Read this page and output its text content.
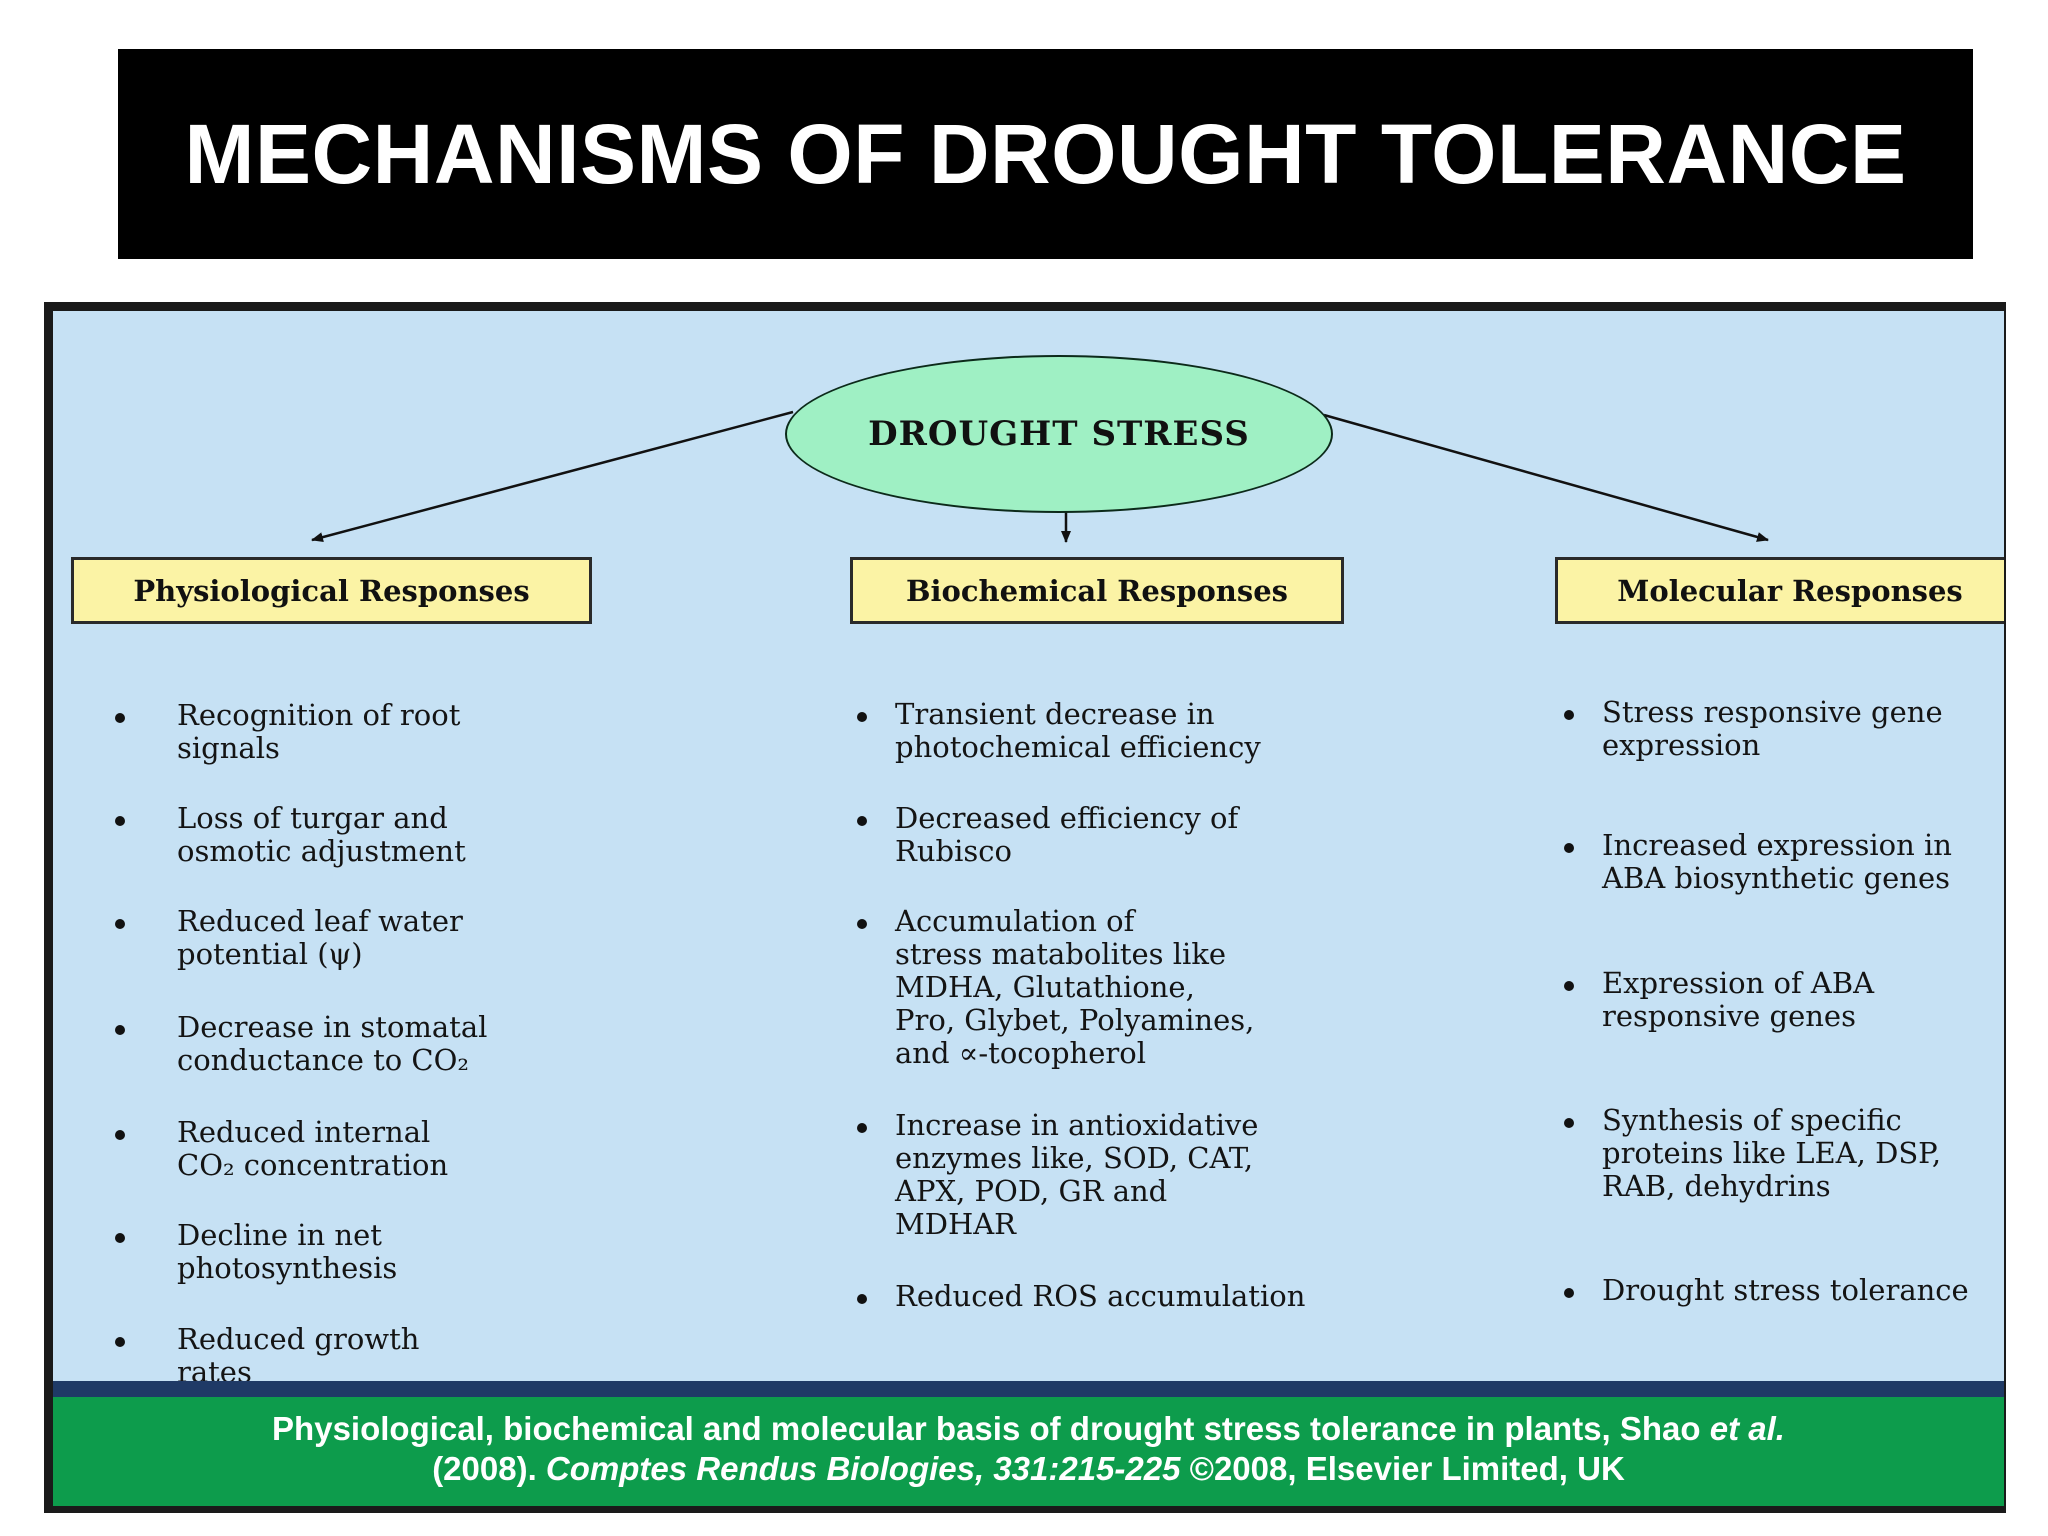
MECHANISMS OF DROUGHT TOLERANCE
DROUGHT STRESS
Physiological Responses	Biochemical Responses	Molecular Responses
Recognition of root
signals
Loss of turgar and
osmotic adjustment
Reduced leaf water
potential (ψ)
Decrease in stomatal
conductance to CO₂
Reduced internal
CO₂ concentration
Decline in net
photosynthesis
Reduced growth
rates
Transient decrease in
photochemical efficiency
Decreased efficiency of
Rubisco
Accumulation of
stress matabolites like
MDHA, Glutathione,
Pro, Glybet, Polyamines,
and ∝-tocopherol
Increase in antioxidative
enzymes like, SOD, CAT,
APX, POD, GR and
MDHAR
Reduced ROS accumulation
Stress responsive gene
expression
Increased expression in
ABA biosynthetic genes
Expression of ABA
responsive genes
Synthesis of specific
proteins like LEA, DSP,
RAB, dehydrins
Drought stress tolerance
Physiological, biochemical and molecular basis of drought stress tolerance in plants, Shao et al.
(2008). Comptes Rendus Biologies, 331:215-225 ©2008, Elsevier Limited, UK
